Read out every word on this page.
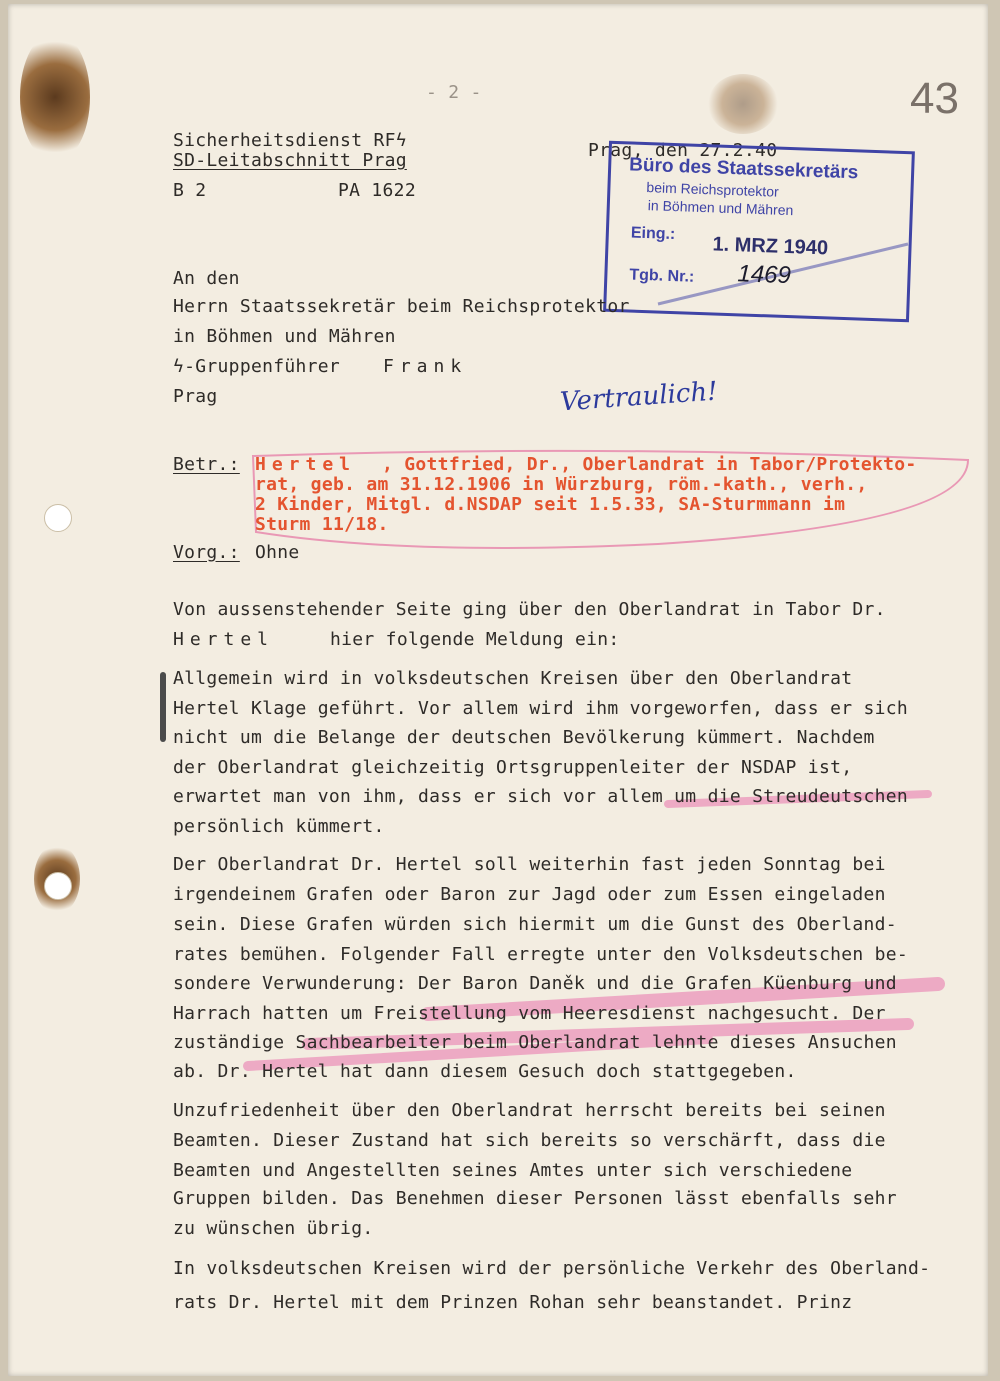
- 2 -	43
Sicherheitsdienst RFϟ
SD-Leitabschnitt Prag
B 2	PA 1622
Prag, den 27.2.40
Büro des Staatssekretärs
beim Reichsprotektor
in Böhmen und Mähren
Eing.: 1. MRZ 1940
Tgb. Nr.: 1469
An den
Herrn Staatssekretär beim Reichsprotektor
in Böhmen und Mähren
ϟ-Gruppenführer Frank
Prag	Vertraulich!
Betr.: Hertel , Gottfried, Dr., Oberlandrat in Tabor/Protekto-
rat, geb. am 31.12.1906 in Würzburg, röm.-kath., verh.,
2 Kinder, Mitgl. d.NSDAP seit 1.5.33, SA-Sturmmann im
Sturm 11/18.
Vorg.: Ohne
Von aussenstehender Seite ging über den Oberlandrat in Tabor Dr.
Hertel	hier folgende Meldung ein:
Allgemein wird in volksdeutschen Kreisen über den Oberlandrat
Hertel Klage geführt. Vor allem wird ihm vorgeworfen, dass er sich
nicht um die Belange der deutschen Bevölkerung kümmert. Nachdem
der Oberlandrat gleichzeitig Ortsgruppenleiter der NSDAP ist,
erwartet man von ihm, dass er sich vor allem um die Streudeutschen
persönlich kümmert.
Der Oberlandrat Dr. Hertel soll weiterhin fast jeden Sonntag bei
irgendeinem Grafen oder Baron zur Jagd oder zum Essen eingeladen
sein. Diese Grafen würden sich hiermit um die Gunst des Oberland-
rates bemühen. Folgender Fall erregte unter den Volksdeutschen be-
sondere Verwunderung: Der Baron Daněk und die Grafen Küenburg und
Harrach hatten um Freistellung vom Heeresdienst nachgesucht. Der
zuständige Sachbearbeiter beim Oberlandrat lehnte dieses Ansuchen
ab. Dr. Hertel hat dann diesem Gesuch doch stattgegeben.
Unzufriedenheit über den Oberlandrat herrscht bereits bei seinen
Beamten. Dieser Zustand hat sich bereits so verschärft, dass die
Beamten und Angestellten seines Amtes unter sich verschiedene
Gruppen bilden. Das Benehmen dieser Personen lässt ebenfalls sehr
zu wünschen übrig.
In volksdeutschen Kreisen wird der persönliche Verkehr des Oberland-
rats Dr. Hertel mit dem Prinzen Rohan sehr beanstandet. Prinz
